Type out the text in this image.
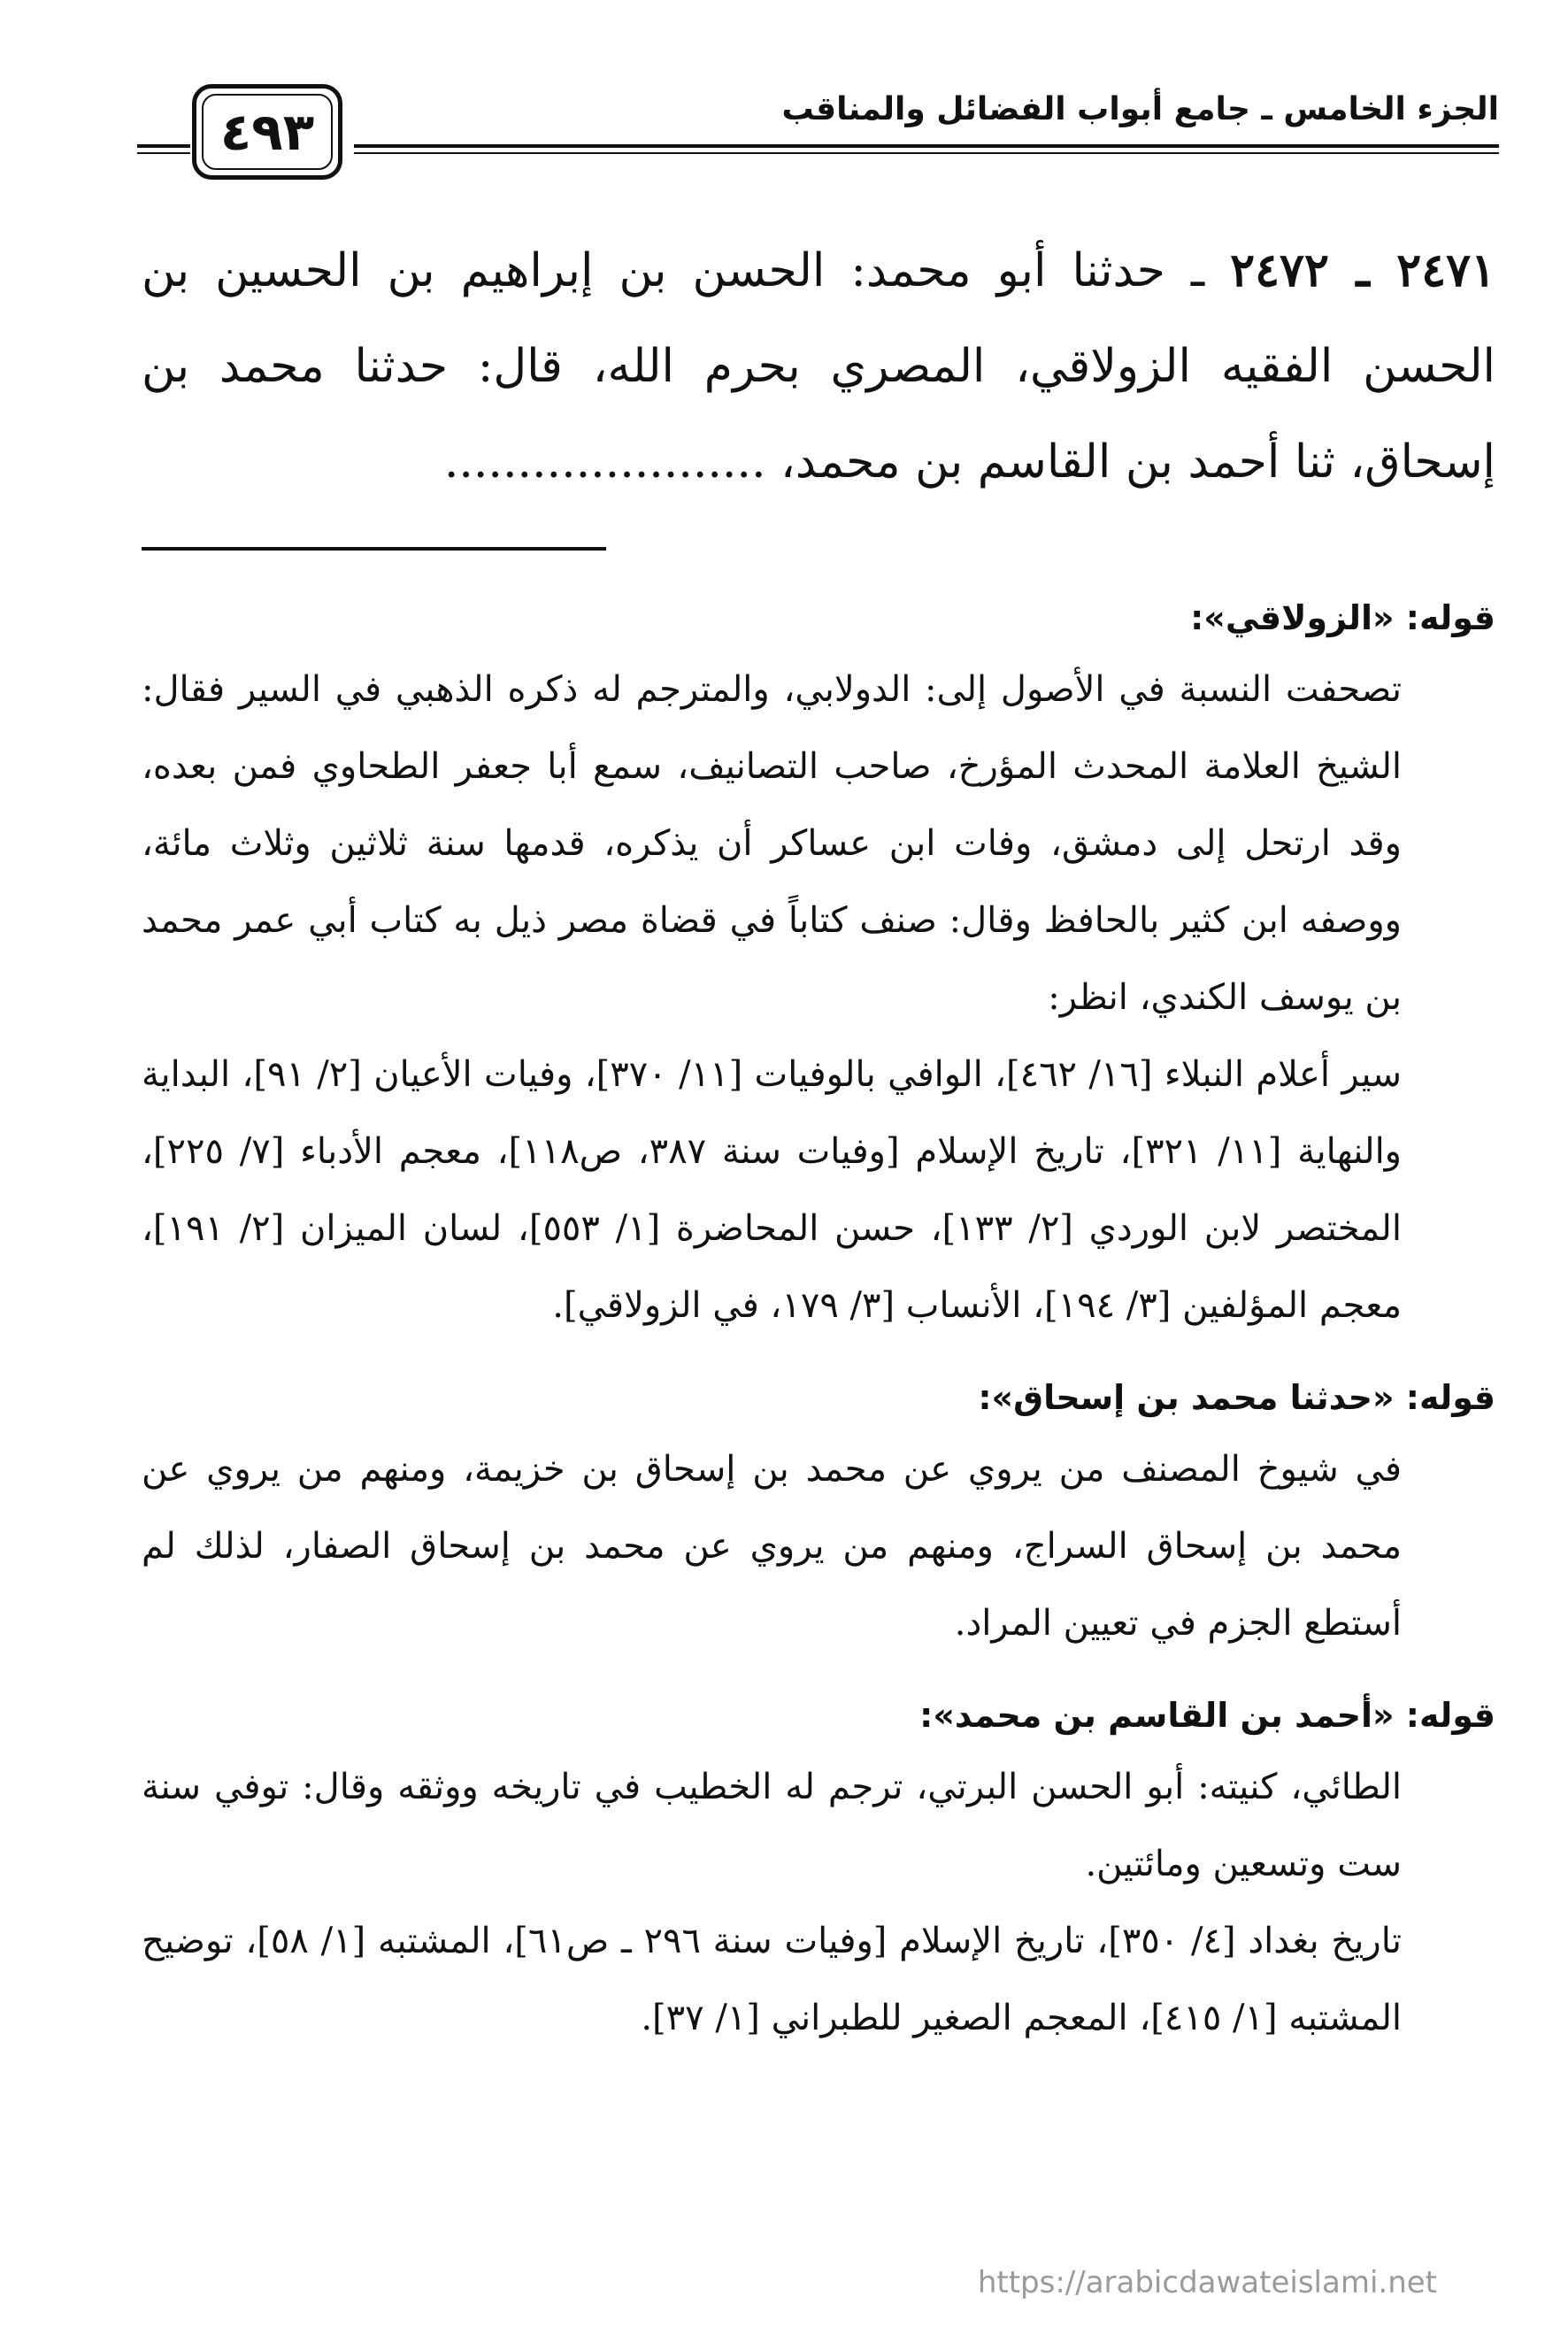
الجزء الخامس ـ جامع أبواب الفضائل والمناقب
٤٩٣
٢٤٧١ ـ ٢٤٧٢ ـ حدثنا أبو محمد: الحسن بن إبراهيم بن الحسين بن الحسن الفقيه الزولاقي، المصري بحرم الله، قال: حدثنا محمد بن إسحاق، ثنا أحمد بن القاسم بن محمد، ......................
قوله: «الزولاقي»:

تصحفت النسبة في الأصول إلى: الدولابي، والمترجم له ذكره الذهبي في السير فقال: الشيخ العلامة المحدث المؤرخ، صاحب التصانيف، سمع أبا جعفر الطحاوي فمن بعده، وقد ارتحل إلى دمشق، وفات ابن عساكر أن يذكره، قدمها سنة ثلاثين وثلاث مائة، ووصفه ابن كثير بالحافظ وقال: صنف كتاباً في قضاة مصر ذيل به كتاب أبي عمر محمد بن يوسف الكندي، انظر:

سير أعلام النبلاء [١٦/ ٤٦٢]، الوافي بالوفيات [١١/ ٣٧٠]، وفيات الأعيان [٢/ ٩١]، البداية والنهاية [١١/ ٣٢١]، تاريخ الإسلام [وفيات سنة ٣٨٧، ص١١٨]، معجم الأدباء [٧/ ٢٢٥]، المختصر لابن الوردي [٢/ ١٣٣]، حسن المحاضرة [١/ ٥٥٣]، لسان الميزان [٢/ ١٩١]، معجم المؤلفين [٣/ ١٩٤]، الأنساب [٣/ ١٧٩، في الزولاقي].

قوله: «حدثنا محمد بن إسحاق»:

في شيوخ المصنف من يروي عن محمد بن إسحاق بن خزيمة، ومنهم من يروي عن محمد بن إسحاق السراج، ومنهم من يروي عن محمد بن إسحاق الصفار، لذلك لم أستطع الجزم في تعيين المراد.

قوله: «أحمد بن القاسم بن محمد»:

الطائي، كنيته: أبو الحسن البرتي، ترجم له الخطيب في تاريخه ووثقه وقال: توفي سنة ست وتسعين ومائتين.

تاريخ بغداد [٤/ ٣٥٠]، تاريخ الإسلام [وفيات سنة ٢٩٦ ـ ص٦١]، المشتبه [١/ ٥٨]، توضيح المشتبه [١/ ٤١٥]، المعجم الصغير للطبراني [١/ ٣٧].

https://arabicdawateislami.net
